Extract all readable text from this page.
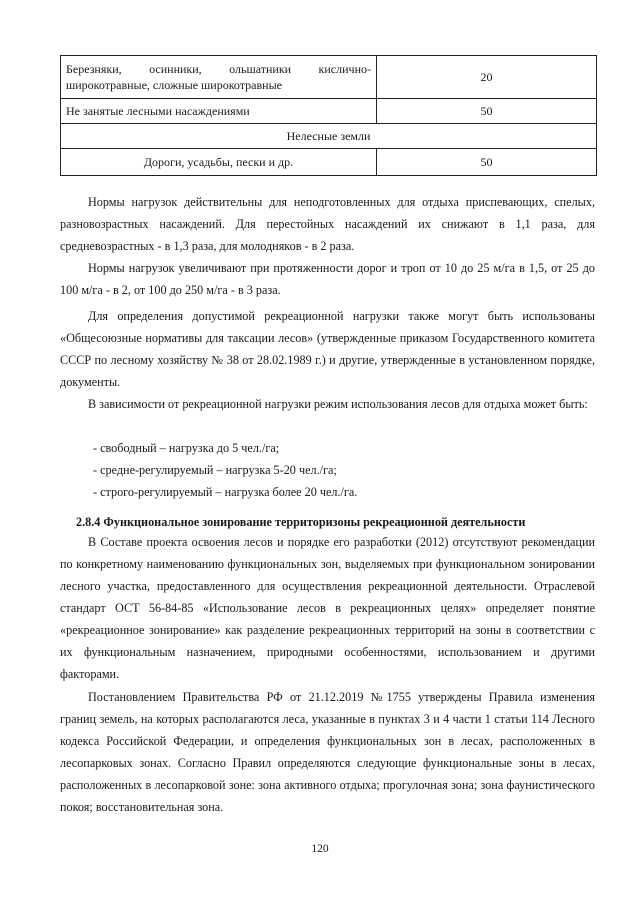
Березняки, осинники, ольшатники кислично-широкотравные, сложные широкотравные	20
Не занятые лесными насаждениями	50
Нелесные земли	
Дороги, усадьбы, пески и др.	50

Нормы нагрузок действительны для неподготовленных для отдыха приспевающих, спелых, разновозрастных насаждений. Для перестойных насаждений их снижают в 1,1 раза, для средневозрастных - в 1,3 раза, для молодняков - в 2 раза.

Нормы нагрузок увеличивают при протяженности дорог и троп от 10 до 25 м/га в 1,5, от 25 до 100 м/га - в 2, от 100 до 250 м/га - в 3 раза.

Для определения допустимой рекреационной нагрузки также могут быть использованы «Общесоюзные нормативы для таксации лесов» (утвержденные приказом Государственного комитета СССР по лесному хозяйству № 38 от 28.02.1989 г.) и другие, утвержденные в установленном порядке, документы.

В зависимости от рекреационной нагрузки режим использования лесов для отдыха может быть:

- свободный – нагрузка до 5 чел./га;

- средне-регулируемый – нагрузка 5-20 чел./га;

- строго-регулируемый – нагрузка более 20 чел./га.

2.8.4 Функциональное зонирование территоризоны рекреационной деятельности

В Составе проекта освоения лесов и порядке его разработки (2012) отсутствуют рекомендации по конкретному наименованию функциональных зон, выделяемых при функциональном зонировании лесного участка, предоставленного для осуществления рекреационной деятельности. Отраслевой стандарт ОСТ 56-84-85 «Использование лесов в рекреационных целях» определяет понятие «рекреационное зонирование» как разделение рекреационных территорий на зоны в соответствии с их функциональным назначением, природными особенностями, использованием и другими факторами.

Постановлением Правительства РФ от 21.12.2019 №1755 утверждены Правила изменения границ земель, на которых располагаются леса, указанные в пунктах 3 и 4 части 1 статьи 114 Лесного кодекса Российской Федерации, и определения функциональных зон в лесах, расположенных в лесопарковых зонах. Согласно Правил определяются следующие функциональные зоны в лесах, расположенных в лесопарковой зоне: зона активного отдыха; прогулочная зона; зона фаунистического покоя; восстановительная зона.

120
